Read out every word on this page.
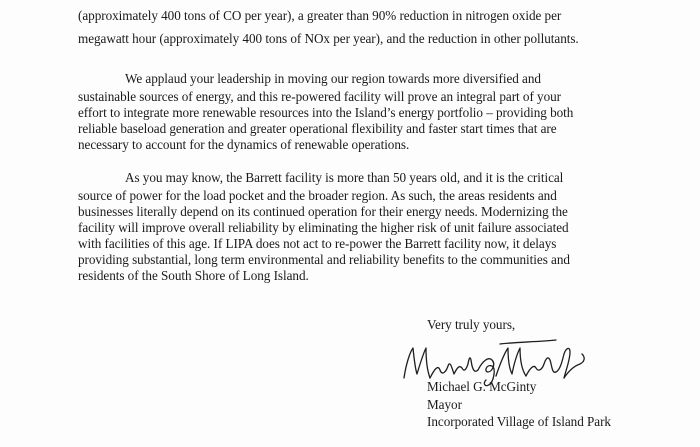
(approximately 400 tons of CO per year), a greater than 90% reduction in nitrogen oxide per
megawatt hour (approximately 400 tons of NOx per year), and the reduction in other pollutants.
We applaud your leadership in moving our region towards more diversified and
sustainable sources of energy, and this re-powered facility will prove an integral part of your
effort to integrate more renewable resources into the Island’s energy portfolio – providing both
reliable baseload generation and greater operational flexibility and faster start times that are
necessary to account for the dynamics of renewable operations.
As you may know, the Barrett facility is more than 50 years old, and it is the critical
source of power for the load pocket and the broader region. As such, the areas residents and
businesses literally depend on its continued operation for their energy needs. Modernizing the
facility will improve overall reliability by eliminating the higher risk of unit failure associated
with facilities of this age. If LIPA does not act to re-power the Barrett facility now, it delays
providing substantial, long term environmental and reliability benefits to the communities and
residents of the South Shore of Long Island.
Very truly yours,
Michael G. McGinty
Mayor
Incorporated Village of Island Park
